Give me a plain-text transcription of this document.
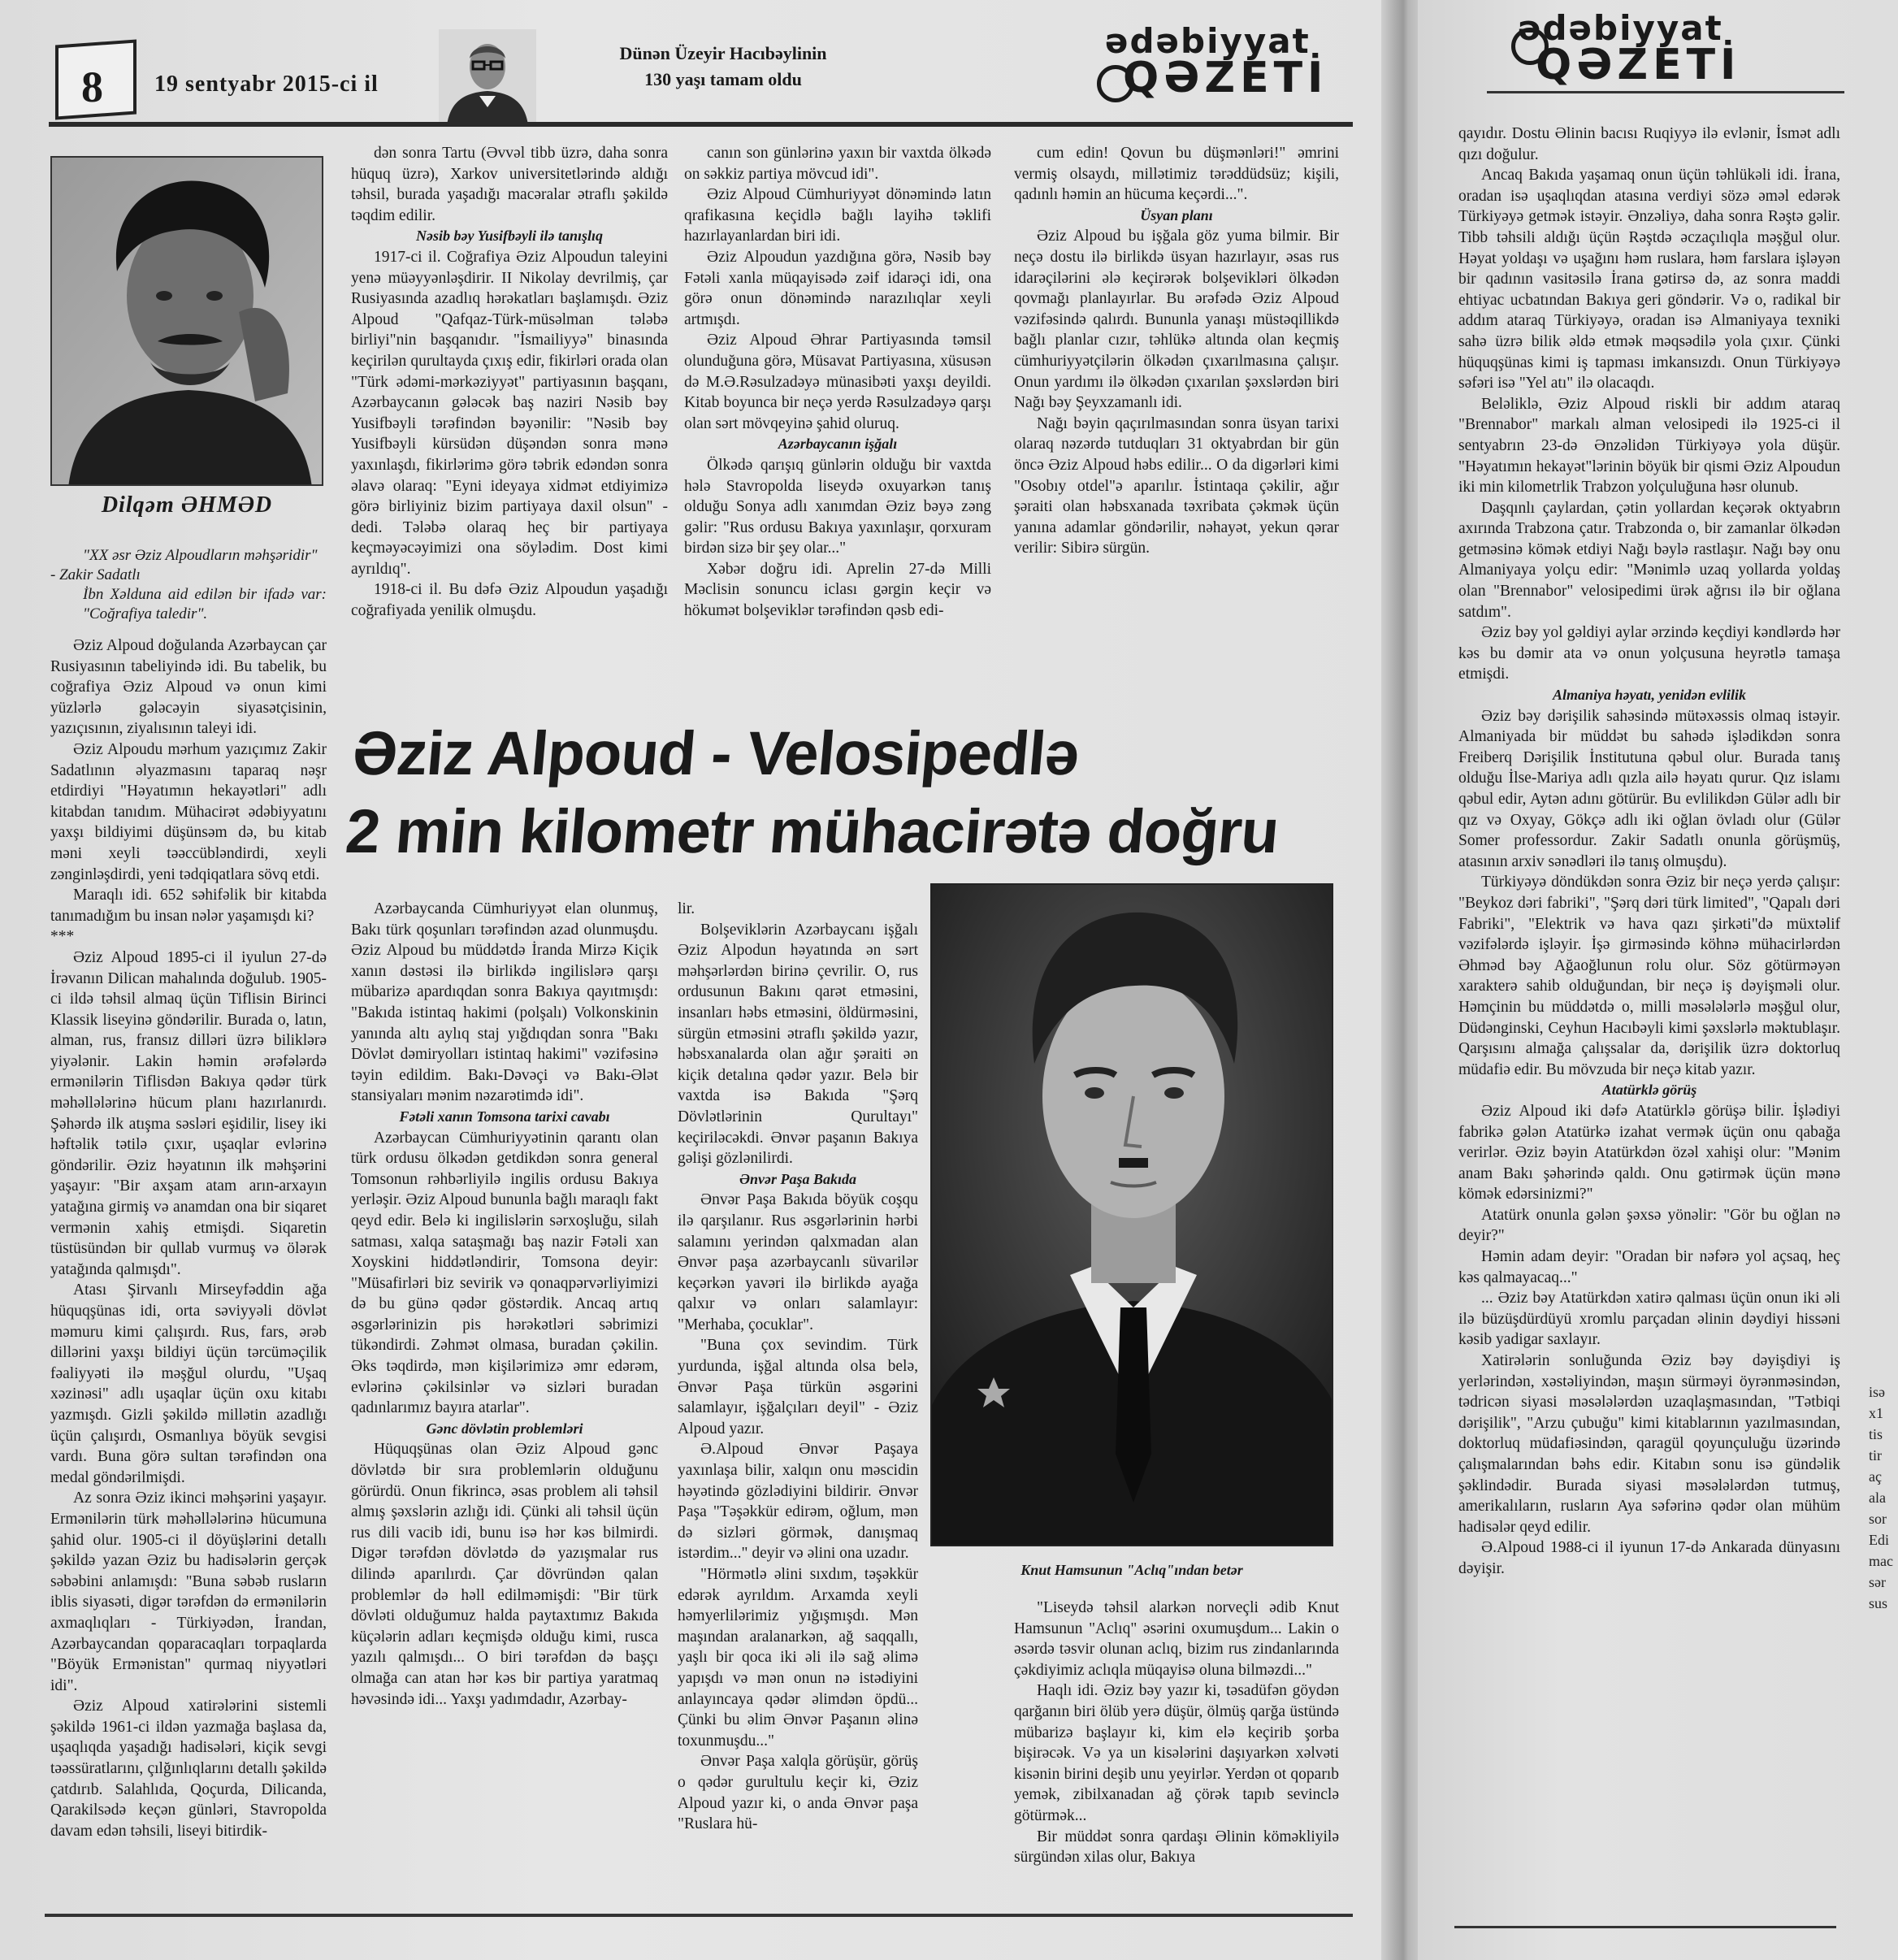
8 19 sentyabr 2015-ci il
Dünən Üzeyir Hacıbəylinin
130 yaşı tamam oldu
ədəbiyyat
QƏZETİ
ədəbiyyat
QƏZETİ
Dilqəm ƏHMƏD

"XX əsr Əziz Alpoudların məhşəridir"

- Zakir Sadatlı

İbn Xəlduna aid edilən bir ifadə var: "Coğrafiya taledir".

Əziz Alpoud doğulanda Azərbaycan çar Rusiyasının tabeliyində idi. Bu tabelik, bu coğrafiya Əziz Alpoud və onun kimi yüzlərlə gələcəyin siyasətçisinin, yazıçısının, ziyalısının taleyi idi.

Əziz Alpoudu mərhum yazıçımız Zakir Sadatlının əlyazmasını taparaq nəşr etdirdiyi "Həyatımın hekayətləri" adlı kitabdan tanıdım. Mühacirət ədəbiyyatını yaxşı bildiyimi düşünsəm də, bu kitab məni xeyli təəccübləndirdi, xeyli zənginləşdirdi, yeni tədqiqatlara sövq etdi.

Maraqlı idi. 652 səhifəlik bir kitabda tanımadığım bu insan nələr yaşamışdı ki?

***

Əziz Alpoud 1895-ci il iyulun 27-də İrəvanın Dilican mahalında doğulub. 1905-ci ildə təhsil almaq üçün Tiflisin Birinci Klassik liseyinə göndərilir. Burada o, latın, alman, rus, fransız dilləri üzrə biliklərə yiyələnir. Lakin həmin ərəfələrdə ermənilərin Tiflisdən Bakıya qədər türk məhəllələrinə hücum planı hazırlanırdı. Şəhərdə ilk atışma səsləri eşidilir, lisey iki həftəlik tətilə çıxır, uşaqlar evlərinə göndərilir. Əziz həyatının ilk məhşərini yaşayır: "Bir axşam atam arın-arxayın yatağına girmiş və anamdan ona bir siqaret vermənin xahiş etmişdi. Siqaretin tüstüsündən bir qullab vurmuş və ölərək yatağında qalmışdı".

Atası Şirvanlı Mirseyfəddin ağa hüquqşünas idi, orta səviyyəli dövlət məmuru kimi çalışırdı. Rus, fars, ərəb dillərini yaxşı bildiyi üçün tərcüməçilik fəaliyyəti ilə məşğul olurdu, "Uşaq xəzinəsi" adlı uşaqlar üçün oxu kitabı yazmışdı. Gizli şəkildə millətin azadlığı üçün çalışırdı, Osmanlıya böyük sevgisi vardı. Buna görə sultan tərəfindən ona medal göndərilmişdi.

Az sonra Əziz ikinci məhşərini yaşayır. Ermənilərin türk məhəllələrinə hücumuna şahid olur. 1905-ci il döyüşlərini detallı şəkildə yazan Əziz bu hadisələrin gerçək səbəbini anlamışdı: "Buna səbəb rusların iblis siyasəti, digər tərəfdən də ermənilərin axmaqlıqları - Türkiyədən, İrandan, Azərbaycandan qoparacaqları torpaqlarda "Böyük Ermənistan" qurmaq niyyətləri idi".

Əziz Alpoud xatirələrini sistemli şəkildə 1961-ci ildən yazmağa başlasa da, uşaqlıqda yaşadığı hadisələri, kiçik sevgi təəssüratlarını, çılğınlıqlarını detallı şəkildə çatdırıb. Salahlıda, Qoçurda, Dilicanda, Qarakilsədə keçən günləri, Stavropolda davam edən təhsili, liseyi bitirdik-

dən sonra Tartu (Əvvəl tibb üzrə, daha sonra hüquq üzrə), Xarkov universitetlərində aldığı təhsil, burada yaşadığı macəralar ətraflı şəkildə təqdim edilir.

Nəsib bəy Yusifbəyli ilə tanışlıq

1917-ci il. Coğrafiya Əziz Alpoudun taleyini yenə müəyyənləşdirir. II Nikolay devrilmiş, çar Rusiyasında azadlıq hərəkatları başlamışdı. Əziz Alpoud "Qafqaz-Türk-müsəlman tələbə birliyi"nin başqanıdır. "İsmailiyyə" binasında keçirilən qurultayda çıxış edir, fikirləri orada olan "Türk ədəmi-mərkəziyyət" partiyasının başqanı, Azərbaycanın gələcək baş naziri Nəsib bəy Yusifbəyli tərəfindən bəyənilir: "Nəsib bəy Yusifbəyli kürsüdən düşəndən sonra mənə yaxınlaşdı, fikirlərimə görə təbrik edəndən sonra əlavə olaraq: "Eyni ideyaya xidmət etdiyimizə görə birliyiniz bizim partiyaya daxil olsun" - dedi. Tələbə olaraq heç bir partiyaya keçməyəcəyimizi ona söylədim. Dost kimi ayrıldıq".

1918-ci il. Bu dəfə Əziz Alpoudun yaşadığı coğrafiyada yenilik olmuşdu.

canın son günlərinə yaxın bir vaxtda ölkədə on səkkiz partiya mövcud idi".

Əziz Alpoud Cümhuriyyət dönəmində latın qrafikasına keçidlə bağlı layihə təklifi hazırlayanlardan biri idi.

Əziz Alpoudun yazdığına görə, Nəsib bəy Fətəli xanla müqayisədə zəif idarəçi idi, ona görə onun dönəmində narazılıqlar xeyli artmışdı.

Əziz Alpoud Əhrar Partiyasında təmsil olunduğuna görə, Müsavat Partiyasına, xüsusən də M.Ə.Rəsulzadəyə münasibəti yaxşı deyildi. Kitab boyunca bir neçə yerdə Rəsulzadəyə qarşı olan sərt mövqeyinə şahid oluruq.

Azərbaycanın işğalı

Ölkədə qarışıq günlərin olduğu bir vaxtda hələ Stavropolda liseydə oxuyarkən tanış olduğu Sonya adlı xanımdan Əziz bəyə zəng gəlir: "Rus ordusu Bakıya yaxınlaşır, qorxuram birdən sizə bir şey olar..."

Xəbər doğru idi. Aprelin 27-də Milli Məclisin sonuncu iclası gərgin keçir və hökumət bolşeviklər tərəfindən qəsb edi-

cum edin! Qovun bu düşmənləri!" əmrini vermiş olsaydı, millətimiz tərəddüdsüz; kişili, qadınlı həmin an hücuma keçərdi...".

Üsyan planı

Əziz Alpoud bu işğala göz yuma bilmir. Bir neçə dostu ilə birlikdə üsyan hazırlayır, əsas rus idarəçilərini ələ keçirərək bolşevikləri ölkədən qovmağı planlayırlar. Bu ərəfədə Əziz Alpoud vəzifəsində qalırdı. Bununla yanaşı müstəqillikdə bağlı planlar cızır, təhlükə altında olan keçmiş cümhuriyyətçilərin ölkədən çıxarılmasına çalışır. Onun yardımı ilə ölkədən çıxarılan şəxslərdən biri Nağı bəy Şeyxzamanlı idi.

Nağı bəyin qaçırılmasından sonra üsyan tarixi olaraq nəzərdə tutduqları 31 oktyabrdan bir gün öncə Əziz Alpoud həbs edilir... O da digərləri kimi "Osobıy otdel"ə aparılır. İstintaqa çəkilir, ağır şəraiti olan həbsxanada təxribata çəkmək üçün yanına adamlar göndərilir, nəhayət, yekun qərar verilir: Sibirə sürgün.

Əziz Alpoud - Velosipedlə
2 min kilometr mühacirətə doğru

Azərbaycanda Cümhuriyyət elan olunmuş, Bakı türk qoşunları tərəfindən azad olunmuşdu. Əziz Alpoud bu müddətdə İranda Mirzə Kiçik xanın dəstəsi ilə birlikdə ingilislərə qarşı mübarizə apardıqdan sonra Bakıya qayıtmışdı: "Bakıda istintaq hakimi (polşalı) Volkonskinin yanında altı aylıq staj yığdıqdan sonra "Bakı Dövlət dəmiryolları istintaq hakimi" vəzifəsinə təyin edildim. Bakı-Dəvəçi və Bakı-Ələt stansiyaları mənim nəzarətimdə idi".

Fətəli xanın Tomsona tarixi cavabı

Azərbaycan Cümhuriyyətinin qarantı olan türk ordusu ölkədən getdikdən sonra general Tomsonun rəhbərliyilə ingilis ordusu Bakıya yerləşir. Əziz Alpoud bununla bağlı maraqlı fakt qeyd edir. Belə ki ingilislərin sərxoşluğu, silah satması, xalqa sataşmağı baş nazir Fətəli xan Xoyskini hiddətləndirir, Tomsona deyir: "Müsafirləri biz sevirik və qonaqpərvərliyimizi də bu günə qədər göstərdik. Ancaq artıq əsgərlərinizin pis hərəkətləri səbrimizi tükəndirdi. Zəhmət olmasa, buradan çəkilin. Əks təqdirdə, mən kişilərimizə əmr edərəm, evlərinə çəkilsinlər və sizləri buradan qadınlarımız bayıra atarlar".

Gənc dövlətin problemləri

Hüquqşünas olan Əziz Alpoud gənc dövlətdə bir sıra problemlərin olduğunu görürdü. Onun fikrincə, əsas problem ali təhsil almış şəxslərin azlığı idi. Çünki ali təhsil üçün rus dili vacib idi, bunu isə hər kəs bilmirdi. Digər tərəfdən dövlətdə də yazışmalar rus dilində aparılırdı. Çar dövründən qalan problemlər də həll edilməmişdi: "Bir türk dövləti olduğumuz halda paytaxtımız Bakıda küçələrin adları keçmişdə olduğu kimi, rusca yazılı qalmışdı... O biri tərəfdən də başçı olmağa can atan hər kəs bir partiya yaratmaq həvəsində idi... Yaxşı yadımdadır, Azərbay-

lir.

Bolşeviklərin Azərbaycanı işğalı Əziz Alpodun həyatında ən sərt məhşərlərdən birinə çevrilir. O, rus ordusunun Bakını qarət etməsini, insanları həbs etməsini, öldürməsini, sürgün etməsini ətraflı şəkildə yazır, həbsxanalarda olan ağır şəraiti ən kiçik detalına qədər yazır. Belə bir vaxtda isə Bakıda "Şərq Dövlətlərinin Qurultayı" keçiriləcəkdi. Ənvər paşanın Bakıya gəlişi gözlənilirdi.

Ənvər Paşa Bakıda

Ənvər Paşa Bakıda böyük coşqu ilə qarşılanır. Rus əsgərlərinin hərbi salamını yerindən qalxmadan alan Ənvər paşa azərbaycanlı süvarilər keçərkən yavəri ilə birlikdə ayağa qalxır və onları salamlayır: "Merhaba, çocuklar".

"Buna çox sevindim. Türk yurdunda, işğal altında olsa belə, Ənvər Paşa türkün əsgərini salamlayır, işğalçıları deyil" - Əziz Alpoud yazır.

Ə.Alpoud Ənvər Paşaya yaxınlaşa bilir, xalqın onu məscidin həyətində gözlədiyini bildirir. Ənvər Paşa "Təşəkkür edirəm, oğlum, mən də sizləri görmək, danışmaq istərdim..." deyir və əlini ona uzadır.

"Hörmətlə əlini sıxdım, təşəkkür edərək ayrıldım. Arxamda xeyli həmyerlilərimiz yığışmışdı. Mən maşından aralanarkən, ağ saqqallı, yaşlı bir qoca iki əli ilə sağ əlimə yapışdı və mən onun nə istədiyini anlayıncaya qədər əlimdən öpdü... Çünki bu əlim Ənvər Paşanın əlinə toxunmuşdu..."

Ənvər Paşa xalqla görüşür, görüş o qədər gurultulu keçir ki, Əziz Alpoud yazır ki, o anda Ənvər paşa "Ruslara hü-

Knut Hamsunun "Aclıq"ından betər

"Liseydə təhsil alarkən norveçli ədib Knut Hamsunun "Aclıq" əsərini oxumuşdum... Lakin o əsərdə təsvir olunan aclıq, bizim rus zindanlarında çəkdiyimiz aclıqla müqayisə oluna bilməzdi..."

Haqlı idi. Əziz bəy yazır ki, təsadüfən göydən qarğanın biri ölüb yerə düşür, ölmüş qarğa üstündə mübarizə başlayır ki, kim elə keçirib şorba bişirəcək. Və ya un kisələrini daşıyarkən xəlvəti kisənin birini deşib unu yeyirlər. Yerdən ot qoparıb yemək, zibilxanadan ağ çörək tapıb sevinclə götürmək...

Bir müddət sonra qardaşı Əlinin köməkliyilə sürgündən xilas olur, Bakıya

qayıdır. Dostu Əlinin bacısı Ruqiyyə ilə evlənir, İsmət adlı qızı doğulur.

Ancaq Bakıda yaşamaq onun üçün təhlükəli idi. İrana, oradan isə uşaqlıqdan atasına verdiyi sözə əməl edərək Türkiyəyə getmək istəyir. Ənzəliyə, daha sonra Rəştə gəlir. Tibb təhsili aldığı üçün Rəştdə əczaçılıqla məşğul olur. Həyat yoldaşı və uşağını həm ruslara, həm farslara işləyən bir qadının vasitəsilə İrana gətirsə də, az sonra maddi ehtiyac ucbatından Bakıya geri göndərir. Və o, radikal bir addım ataraq Türkiyəyə, oradan isə Almaniyaya texniki sahə üzrə bilik əldə etmək məqsədilə yola çıxır. Çünki hüquqşünas kimi iş tapması imkansızdı. Onun Türkiyəyə səfəri isə "Yel atı" ilə olacaqdı.

Beləliklə, Əziz Alpoud riskli bir addım ataraq "Brennabor" markalı alman velosipedi ilə 1925-ci il sentyabrın 23-də Ənzəlidən Türkiyəyə yola düşür. "Həyatımın hekayət"lərinin böyük bir qismi Əziz Alpoudun iki min kilometrlik Trabzon yolçuluğuna həsr olunub.

Daşqınlı çaylardan, çətin yollardan keçərək oktyabrın axırında Trabzona çatır. Trabzonda o, bir zamanlar ölkədən getməsinə kömək etdiyi Nağı bəylə rastlaşır. Nağı bəy onu Almaniyaya yolçu edir: "Mənimlə uzaq yollarda yoldaş olan "Brennabor" velosipedimi ürək ağrısı ilə bir oğlana satdım".

Əziz bəy yol gəldiyi aylar ərzində keçdiyi kəndlərdə hər kəs bu dəmir ata və onun yolçusuna heyrətlə tamaşa etmişdi.

Almaniya həyatı, yenidən evlilik

Əziz bəy dərişilik sahəsində mütəxəssis olmaq istəyir. Almaniyada bir müddət bu sahədə işlədikdən sonra Freiberq Dərişilik İnstitutuna qəbul olur. Burada tanış olduğu İlse-Mariya adlı qızla ailə həyatı qurur. Qız islamı qəbul edir, Aytən adını götürür. Bu evlilikdən Gülər adlı bir qız və Oxyay, Gökçə adlı iki oğlan övladı olur (Gülər Somer professordur. Zakir Sadatlı onunla görüşmüş, atasının arxiv sənədləri ilə tanış olmuşdu).

Türkiyəyə döndükdən sonra Əziz bir neçə yerdə çalışır: "Beykoz dəri fabriki", "Şərq dəri türk limited", "Qapalı dəri Fabriki", "Elektrik və hava qazı şirkəti"də müxtəlif vəzifələrdə işləyir. İşə girməsində köhnə mühacirlərdən Əhməd bəy Ağaoğlunun rolu olur. Söz götürməyən xarakterə sahib olduğundan, bir neçə iş dəyişməli olur. Həmçinin bu müddətdə o, milli məsələlərlə məşğul olur, Düdənginski, Ceyhun Hacıbəyli kimi şəxslərlə məktublaşır. Qarşısını almağa çalışsalar da, dərişilik üzrə doktorluq müdafiə edir. Bu mövzuda bir neçə kitab yazır.

Atatürklə görüş

Əziz Alpoud iki dəfə Atatürklə görüşə bilir. İşlədiyi fabrikə gələn Atatürkə izahat vermək üçün onu qabağa verirlər. Əziz bəyin Atatürkdən özəl xahişi olur: "Mənim anam Bakı şəhərində qaldı. Onu gətirmək üçün mənə kömək edərsinizmi?"

Atatürk onunla gələn şəxsə yönəlir: "Gör bu oğlan nə deyir?"

Həmin adam deyir: "Oradan bir nəfərə yol açsaq, heç kəs qalmayacaq..."

... Əziz bəy Atatürkdən xatirə qalması üçün onun iki əli ilə büzüşdürdüyü xromlu parçadan əlinin dəydiyi hissəni kəsib yadigar saxlayır.

Xatirələrin sonluğunda Əziz bəy dəyişdiyi iş yerlərindən, xəstəliyindən, maşın sürməyi öyrənməsindən, tədricən siyasi məsələlərdən uzaqlaşmasından, "Tətbiqi dərişilik", "Arzu çubuğu" kimi kitablarının yazılmasından, doktorluq müdafiəsindən, qaragül qoyunçuluğu üzərində çalışmalarından bəhs edir. Kitabın sonu isə gündəlik şəklindədir. Burada siyasi məsələlərdən tutmuş, amerikalıların, rusların Aya səfərinə qədər olan mühüm hadisələr qeyd edilir.

Ə.Alpoud 1988-ci il iyunun 17-də Ankarada dünyasını dəyişir.

isə
x1
tis
tir
aç
ala
sor
Edi
mac
sər
sus
